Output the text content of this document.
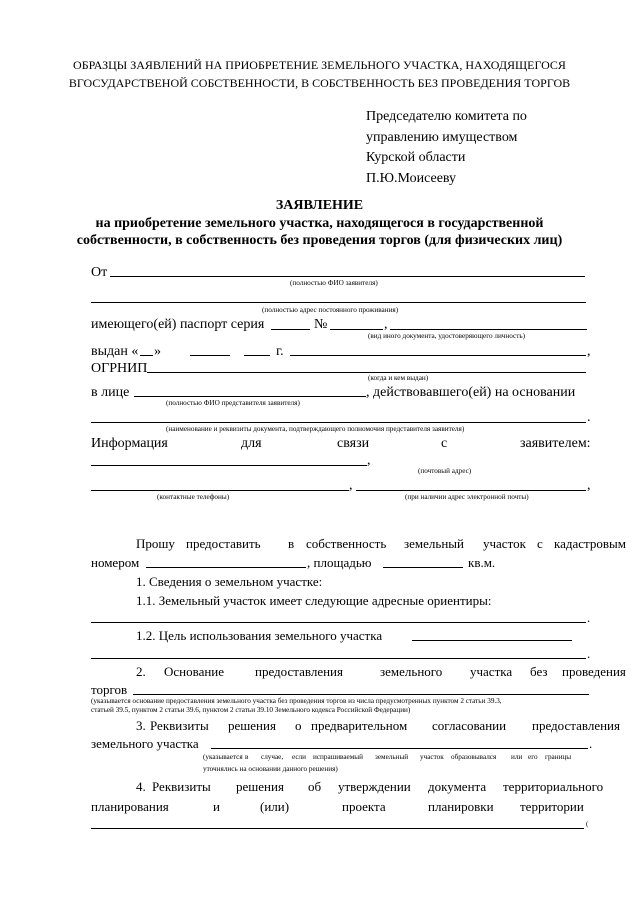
ОБРАЗЦЫ ЗАЯВЛЕНИЙ НА ПРИОБРЕТЕНИЕ ЗЕМЕЛЬНОГО УЧАСТКА, НАХОДЯЩЕГОСЯ
ВГОСУДАРСТВЕНОЙ СОБСТВЕННОСТИ, В СОБСТВЕННОСТЬ БЕЗ ПРОВЕДЕНИЯ ТОРГОВ
Председателю комитета по
управлению имуществом
Курской области
П.Ю.Моисееву
ЗАЯВЛЕНИЕ
на приобретение земельного участка, находящегося в государственной
собственности, в собственность без проведения торгов (для физических лиц)
От
(полностью ФИО заявителя)
(полностью адрес постоянного проживания)
имеющего(ей) паспорт серия	№	,
(вид иного документа, удостоверяющего личность)
выдан « »	г.	,
ОГРНИП
(когда и кем выдан)
в лице	, действовавшего(ей) на основании
(полностью ФИО представителя заявителя)
.
(наименование и реквизиты документа, подтверждающего полномочия представителя заявителя)
Информация	для	связи	с	заявителем:
,
(почтовый адрес)
,	,
(контактные телефоны)	(при наличии адрес электронной почты)
Прошу предоставить в собственность земельный участок с кадастровым
номером	, площадью	кв.м.
1. Сведения о земельном участке:
1.1. Земельный участок имеет следующие адресные ориентиры:
.
1.2. Цель использования земельного участка
.
2. Основание предоставления	земельного участка без проведения
торгов
(указывается основание предоставления земельного участка без проведения торгов из числа предусмотренных пунктом 2 статьи 39.3,
статьей 39.5, пунктом 2 статьи 39.6, пунктом 2 статьи 39.10 Земельного кодекса Российской Федерации)
3. Реквизиты решения о предварительном согласовании предоставления
земельного участка	.
(указывается в случае, если испрашиваемый земельный участок образовывался или его границы
уточнялись на основании данного решения)
4. Реквизиты решения об утверждении документа территориального
планирования	и	(или)	проекта	планировки территории
(
